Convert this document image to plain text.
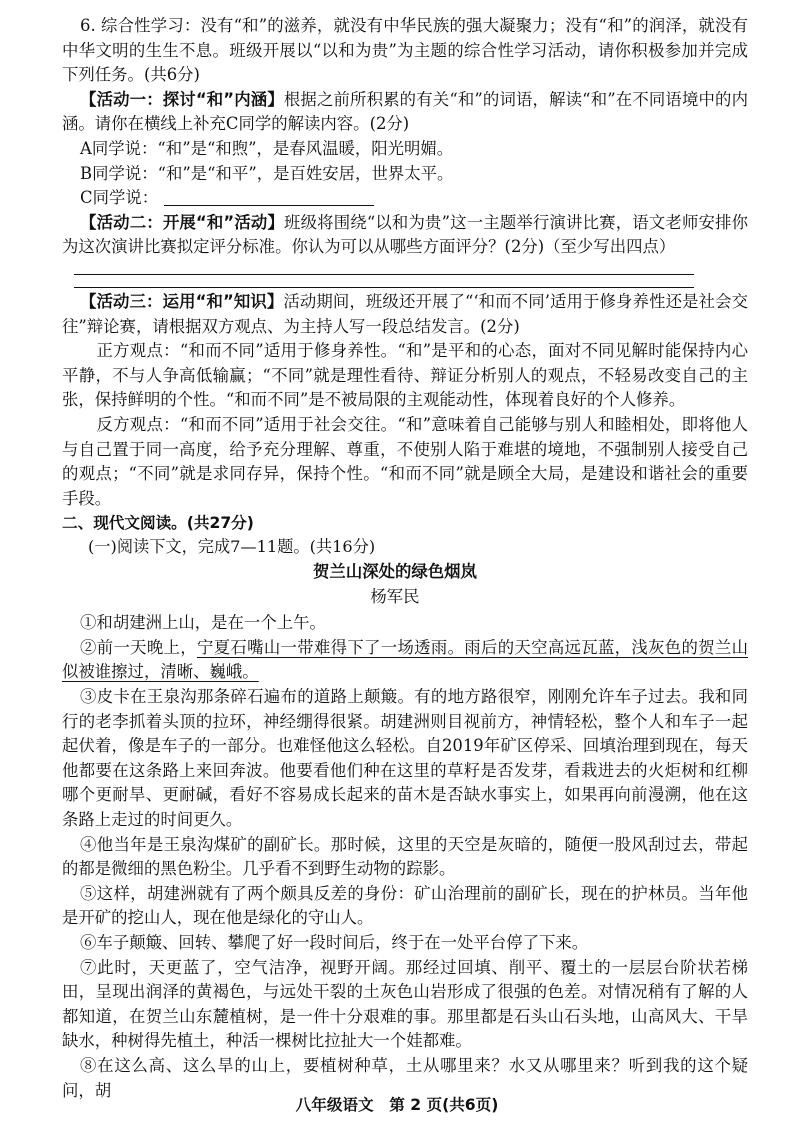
6. 综合性学习：没有“和”的滋养，就没有中华民族的强大凝聚力；没有“和”的润泽，就没有中华文明的生生不息。班级开展以“以和为贵”为主题的综合性学习活动，请你积极参加并完成下列任务。(共6分)

【活动一：探讨“和”内涵】根据之前所积累的有关“和”的词语，解读“和”在不同语境中的内涵。请你在横线上补充C同学的解读内容。(2分)

A同学说：“和”是“和煦”，是春风温暖，阳光明媚。

B同学说：“和”是“和平”，是百姓安居，世界太平。

C同学说：

【活动二：开展“和”活动】班级将围绕“以和为贵”这一主题举行演讲比赛，语文老师安排你为这次演讲比赛拟定评分标准。你认为可以从哪些方面评分？(2分)（至少写出四点）

【活动三：运用“和”知识】活动期间，班级还开展了“‘和而不同’适用于修身养性还是社会交往”辩论赛，请根据双方观点、为主持人写一段总结发言。(2分)

正方观点：“和而不同”适用于修身养性。“和”是平和的心态，面对不同见解时能保持内心平静，不与人争高低输赢；“不同”就是理性看待、辩证分析别人的观点，不轻易改变自己的主张，保持鲜明的个性。“和而不同”是不被局限的主观能动性，体现着良好的个人修养。

反方观点：“和而不同”适用于社会交往。“和”意味着自己能够与别人和睦相处，即将他人与自己置于同一高度，给予充分理解、尊重，不使别人陷于难堪的境地，不强制别人接受自己的观点；“不同”就是求同存异，保持个性。“和而不同”就是顾全大局，是建设和谐社会的重要手段。

二、现代文阅读。(共27分)

(一)阅读下文，完成7—11题。(共16分)

贺兰山深处的绿色烟岚

杨军民

①和胡建洲上山，是在一个上午。

②前一天晚上，宁夏石嘴山一带难得下了一场透雨。雨后的天空高远瓦蓝，浅灰色的贺兰山似被谁擦过，清晰、巍峨。

③皮卡在王泉沟那条碎石遍布的道路上颠簸。有的地方路很窄，刚刚允许车子过去。我和同行的老李抓着头顶的拉环，神经绷得很紧。胡建洲则目视前方，神情轻松，整个人和车子一起起伏着，像是车子的一部分。也难怪他这么轻松。自2019年矿区停采、回填治理到现在，每天他都要在这条路上来回奔波。他要看他们种在这里的草籽是否发芽，看栽进去的火炬树和红柳哪个更耐旱、更耐碱，看好不容易成长起来的苗木是否缺水事实上，如果再向前漫溯，他在这条路上走过的时间更久。

④他当年是王泉沟煤矿的副矿长。那时候，这里的天空是灰暗的，随便一股风刮过去，带起的都是微细的黑色粉尘。几乎看不到野生动物的踪影。

⑤这样，胡建洲就有了两个颇具反差的身份：矿山治理前的副矿长，现在的护林员。当年他是开矿的挖山人，现在他是绿化的守山人。

⑥车子颠簸、回转、攀爬了好一段时间后，终于在一处平台停了下来。

⑦此时，天更蓝了，空气洁净，视野开阔。那经过回填、削平、覆土的一层层台阶状若梯田，呈现出润泽的黄褐色，与远处干裂的土灰色山岩形成了很强的色差。对情况稍有了解的人都知道，在贺兰山东麓植树，是一件十分艰难的事。那里都是石头山石头地，山高风大、干旱缺水，种树得先植土，种活一棵树比拉扯大一个娃都难。

⑧在这么高、这么旱的山上，要植树种草，土从哪里来？水又从哪里来？听到我的这个疑问，胡

八年级语文　第 2 页(共6页)
